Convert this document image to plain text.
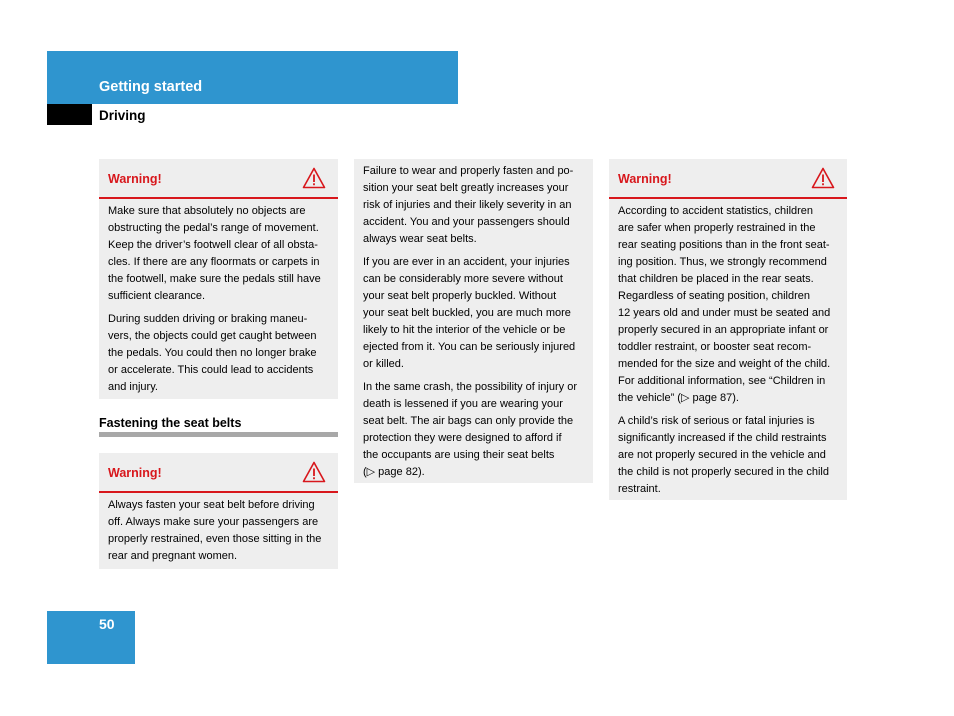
Getting started
Driving
Warning!

Make sure that absolutely no objects are
obstructing the pedal’s range of movement.
Keep the driver’s footwell clear of all obsta-
cles. If there are any floormats or carpets in
the footwell, make sure the pedals still have
sufficient clearance.

During sudden driving or braking maneu-
vers, the objects could get caught between
the pedals. You could then no longer brake
or accelerate. This could lead to accidents
and injury.

Fastening the seat belts
Warning!

Always fasten your seat belt before driving
off. Always make sure your passengers are
properly restrained, even those sitting in the
rear and pregnant women.

Failure to wear and properly fasten and po-
sition your seat belt greatly increases your
risk of injuries and their likely severity in an
accident. You and your passengers should
always wear seat belts.

If you are ever in an accident, your injuries
can be considerably more severe without
your seat belt properly buckled. Without
your seat belt buckled, you are much more
likely to hit the interior of the vehicle or be
ejected from it. You can be seriously injured
or killed.

In the same crash, the possibility of injury or
death is lessened if you are wearing your
seat belt. The air bags can only provide the
protection they were designed to afford if
the occupants are using their seat belts
(▷ page 82).

Warning!

According to accident statistics, children
are safer when properly restrained in the
rear seating positions than in the front seat-
ing position. Thus, we strongly recommend
that children be placed in the rear seats.
Regardless of seating position, children
12 years old and under must be seated and
properly secured in an appropriate infant or
toddler restraint, or booster seat recom-
mended for the size and weight of the child.
For additional information, see “Children in
the vehicle” (▷ page 87).

A child’s risk of serious or fatal injuries is
significantly increased if the child restraints
are not properly secured in the vehicle and
the child is not properly secured in the child
restraint.

50
